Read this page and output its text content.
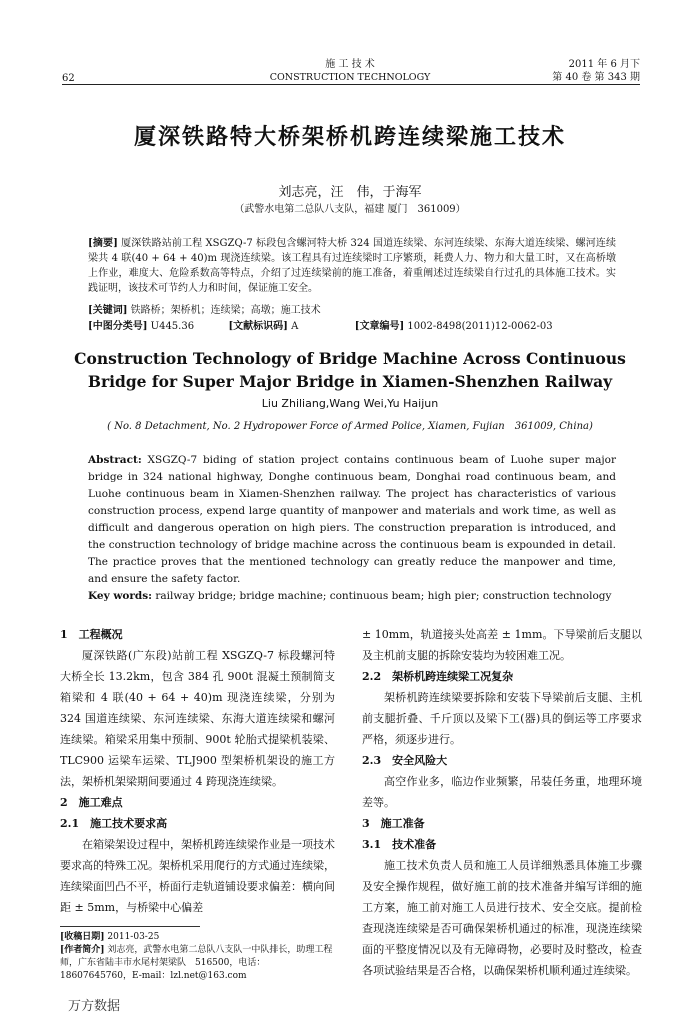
施 工 技 术
CONSTRUCTION TECHNOLOGY
2011 年 6 月下
第 40 卷 第 343 期
62
厦深铁路特大桥架桥机跨连续梁施工技术
刘志亮，汪　伟，于海军
（武警水电第二总队八支队，福建 厦门　361009）
[摘要] 厦深铁路站前工程 XSGZQ-7 标段包含螺河特大桥 324 国道连续梁、东河连续梁、东海大道连续梁、螺河连续梁共 4 联(40 + 64 + 40)m 现浇连续梁。该工程具有过连续梁时工序繁琐，耗费人力、物力和大量工时，又在高桥墩上作业，难度大、危险系数高等特点，介绍了过连续梁前的施工准备，着重阐述过连续梁自行过孔的具体施工技术。实践证明，该技术可节约人力和时间，保证施工安全。
[关键词] 铁路桥；架桥机；连续梁；高墩；施工技术
[中图分类号] U445.36	[文献标识码] A	[文章编号] 1002-8498(2011)12-0062-03
Construction Technology of Bridge Machine Across Continuous
Bridge for Super Major Bridge in Xiamen-Shenzhen Railway
Liu Zhiliang,Wang Wei,Yu Haijun
( No. 8 Detachment, No. 2 Hydropower Force of Armed Police, Xiamen, Fujian　361009, China)
Abstract: XSGZQ-7 biding of station project contains continuous beam of Luohe super major bridge in 324 national highway, Donghe continuous beam, Donghai road continuous beam, and Luohe continuous beam in Xiamen-Shenzhen railway. The project has characteristics of various construction process, expend large quantity of manpower and materials and work time, as well as difficult and dangerous operation on high piers. The construction preparation is introduced, and the construction technology of bridge machine across the continuous beam is expounded in detail. The practice proves that the mentioned technology can greatly reduce the manpower and time, and ensure the safety factor.
Key words: railway bridge; bridge machine; continuous beam; high pier; construction technology

1　工程概况

厦深铁路(广东段)站前工程 XSGZQ-7 标段螺河特大桥全长 13.2km，包含 384 孔 900t 混凝土预制简支箱梁和 4 联(40 + 64 + 40)m 现浇连续梁，分别为 324 国道连续梁、东河连续梁、东海大道连续梁和螺河连续梁。箱梁采用集中预制、900t 轮胎式提梁机装梁、TLC900 运梁车运梁、TLJ900 型架桥机架设的施工方法，架桥机架梁期间要通过 4 跨现浇连续梁。

2　施工难点

2.1　施工技术要求高

在箱梁架设过程中，架桥机跨连续梁作业是一项技术要求高的特殊工况。架桥机采用爬行的方式通过连续梁，连续梁面凹凸不平，桥面行走轨道铺设要求偏差：横向间距 ± 5mm，与桥梁中心偏差

[收稿日期] 2011-03-25

[作者简介] 刘志亮，武警水电第二总队八支队一中队排长，助理工程师，广东省陆丰市水尾村架梁队　516500，电话：18607645760，E-mail：lzl.net@163.com

± 10mm，轨道接头处高差 ± 1mm。下导梁前后支腿以及主机前支腿的拆除安装均为较困难工况。

2.2　架桥机跨连续梁工况复杂

架桥机跨连续梁要拆除和安装下导梁前后支腿、主机前支腿折叠、千斤顶以及梁下工(器)具的倒运等工序要求严格，须逐步进行。

2.3　安全风险大

高空作业多，临边作业频繁，吊装任务重，地理环境差等。

3　施工准备

3.1　技术准备

施工技术负责人员和施工人员详细熟悉具体施工步骤及安全操作规程，做好施工前的技术准备并编写详细的施工方案，施工前对施工人员进行技术、安全交底。提前检查现浇连续梁是否可确保架桥机通过的标准，现浇连续梁面的平整度情况以及有无障碍物，必要时及时整改，检查各项试验结果是否合格，以确保架桥机顺利通过连续梁。

万方数据
